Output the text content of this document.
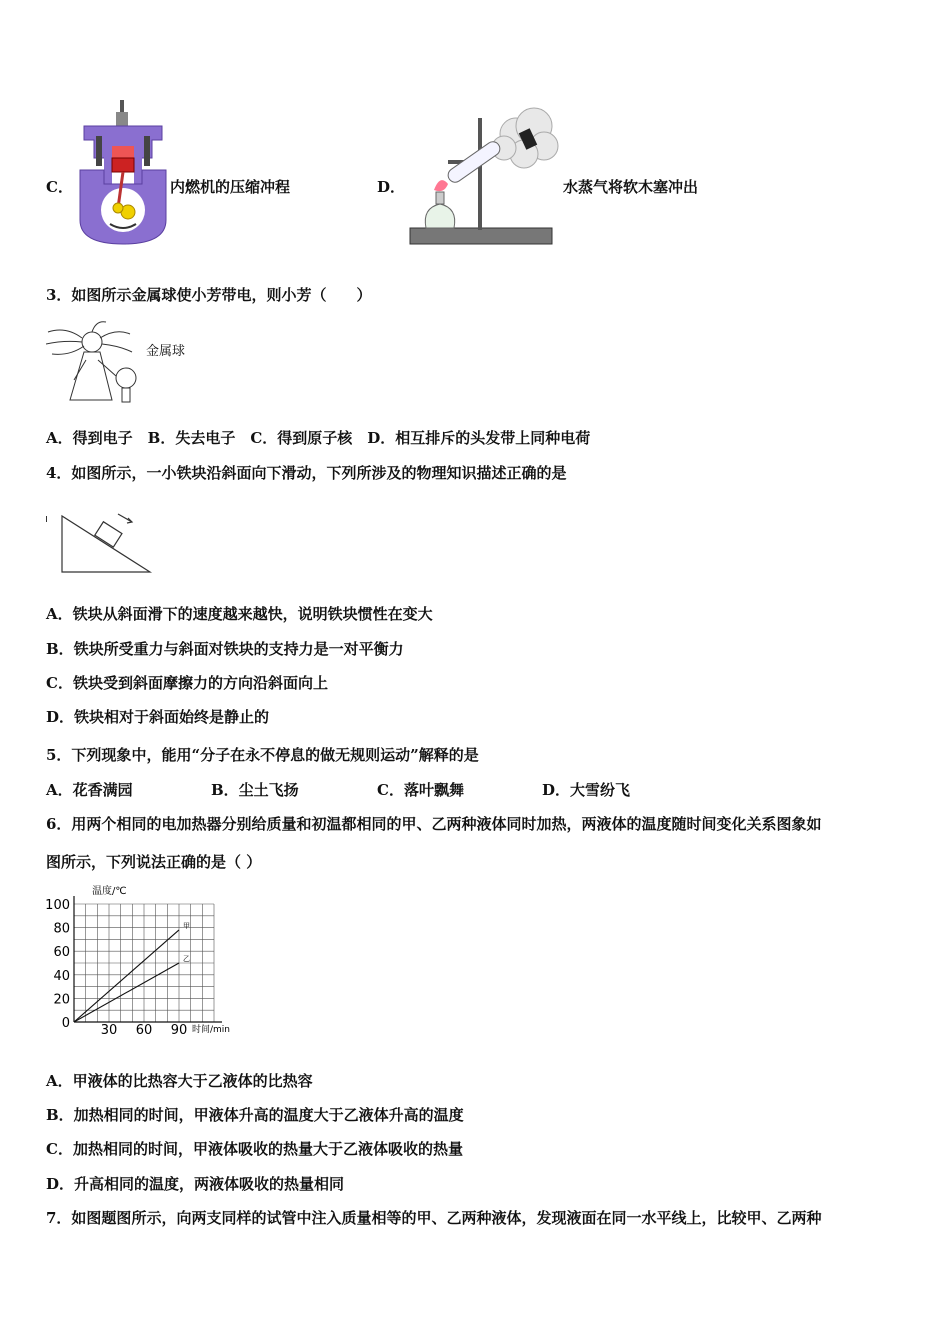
C．	内燃机的压缩冲程	D．	水蒸气将软木塞冲出
3．如图所示金属球使小芳带电，则小芳（　　）
金属球
A．得到电子　B．失去电子　C．得到原子核　D．相互排斥的头发带上同种电荷
4．如图所示，一小铁块沿斜面向下滑动，下列所涉及的物理知识描述正确的是
A．铁块从斜面滑下的速度越来越快，说明铁块惯性在变大
B．铁块所受重力与斜面对铁块的支持力是一对平衡力
C．铁块受到斜面摩擦力的方向沿斜面向上
D．铁块相对于斜面始终是静止的
5．下列现象中，能用“分子在永不停息的做无规则运动”解释的是
A．花香满园	B．尘土飞扬	C．落叶飘舞	D．大雪纷飞
6．用两个相同的电加热器分别给质量和初温都相同的甲、乙两种液体同时加热，两液体的温度随时间变化关系图象如
图所示，下列说法正确的是（ ）
甲
乙
30 60 90
0
20
40
60
80
100
温度/℃
时间/min
A．甲液体的比热容大于乙液体的比热容
B．加热相同的时间，甲液体升高的温度大于乙液体升高的温度
C．加热相同的时间，甲液体吸收的热量大于乙液体吸收的热量
D．升高相同的温度，两液体吸收的热量相同
7．如图题图所示，向两支同样的试管中注入质量相等的甲、乙两种液体，发现液面在同一水平线上，比较甲、乙两种
